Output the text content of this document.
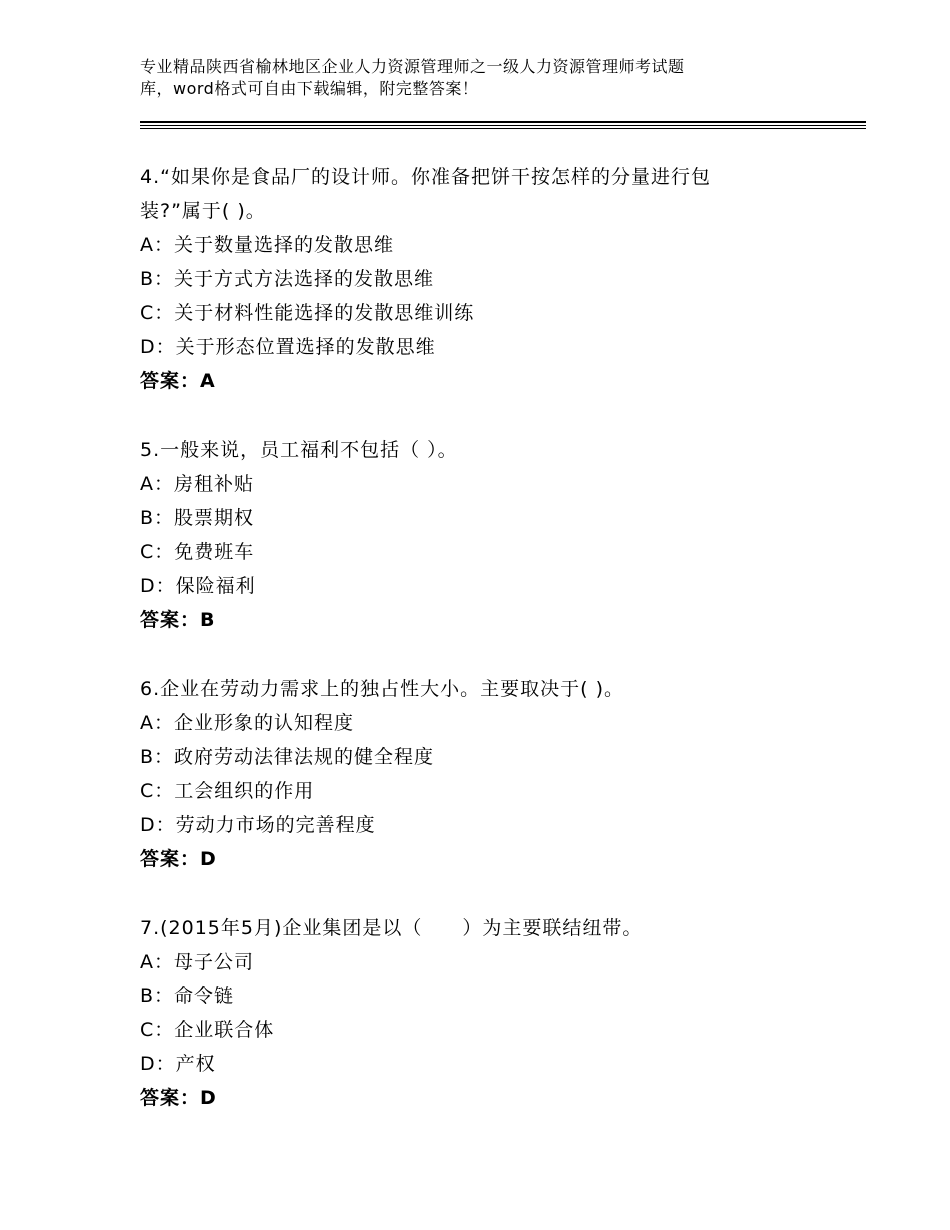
专业精品陕西省榆林地区企业人力资源管理师之一级人力资源管理师考试题
库，word格式可自由下载编辑，附完整答案！
4.“如果你是食品厂的设计师。你准备把饼干按怎样的分量进行包
装?”属于( )。
A：关于数量选择的发散思维
B：关于方式方法选择的发散思维
C：关于材料性能选择的发散思维训练
D：关于形态位置选择的发散思维
答案：A
5.一般来说，员工福利不包括（ ）。
A：房租补贴
B：股票期权
C：免费班车
D：保险福利
答案：B
6.企业在劳动力需求上的独占性大小。主要取决于( )。
A：企业形象的认知程度
B：政府劳动法律法规的健全程度
C：工会组织的作用
D：劳动力市场的完善程度
答案：D
7.(2015年5月)企业集团是以（　　）为主要联结纽带。
A：母子公司
B：命令链
C：企业联合体
D：产权
答案：D
